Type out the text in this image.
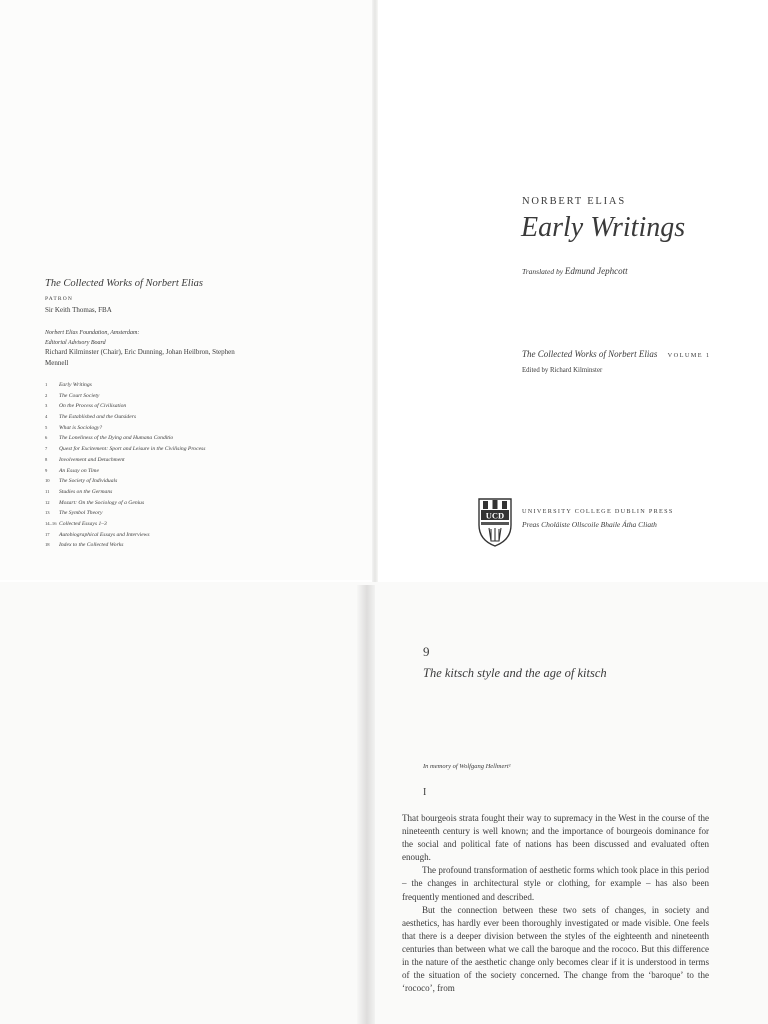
The Collected Works of Norbert Elias
PATRON
Sir Keith Thomas, FBA
Norbert Elias Foundation, Amsterdam:
Editorial Advisory Board
Richard Kilminster (Chair), Eric Dunning, Johan Heilbron, Stephen Mennell
1 Early Writings
2 The Court Society
3 On the Process of Civilisation
4 The Established and the Outsiders
5 What is Sociology?
6 The Loneliness of the Dying and Humana Conditio
7 Quest for Excitement: Sport and Leisure in the Civilising Process
8 Involvement and Detachment
9 An Essay on Time
10 The Society of Individuals
11 Studies on the Germans
12 Mozart: On the Sociology of a Genius
13 The Symbol Theory
14–16 Collected Essays 1–3
17 Autobiographical Essays and Interviews
18 Index to the Collected Works
NORBERT ELIAS
Early Writings
Translated by Edmund Jephcott
The Collected Works of Norbert Elias VOLUME 1
Edited by Richard Kilminster
UCD	UNIVERSITY COLLEGE DUBLIN PRESS
Preas Choláiste Ollscoile Bhaile Átha Cliath
9
The kitsch style and the age of kitsch
In memory of Wolfgang Hellmert¹
I

That bourgeois strata fought their way to supremacy in the West in the course of the nineteenth century is well known; and the importance of bourgeois dominance for the social and political fate of nations has been discussed and evaluated often enough.

The profound transformation of aesthetic forms which took place in this period – the changes in architectural style or clothing, for example – has also been frequently mentioned and described.

But the connection between these two sets of changes, in society and aesthetics, has hardly ever been thoroughly investigated or made visible. One feels that there is a deeper division between the styles of the eighteenth and nineteenth centuries than between what we call the baroque and the rococo. But this difference in the nature of the aesthetic change only becomes clear if it is understood in terms of the situation of the society concerned. The change from the ‘baroque’ to the ‘rococo’, from
